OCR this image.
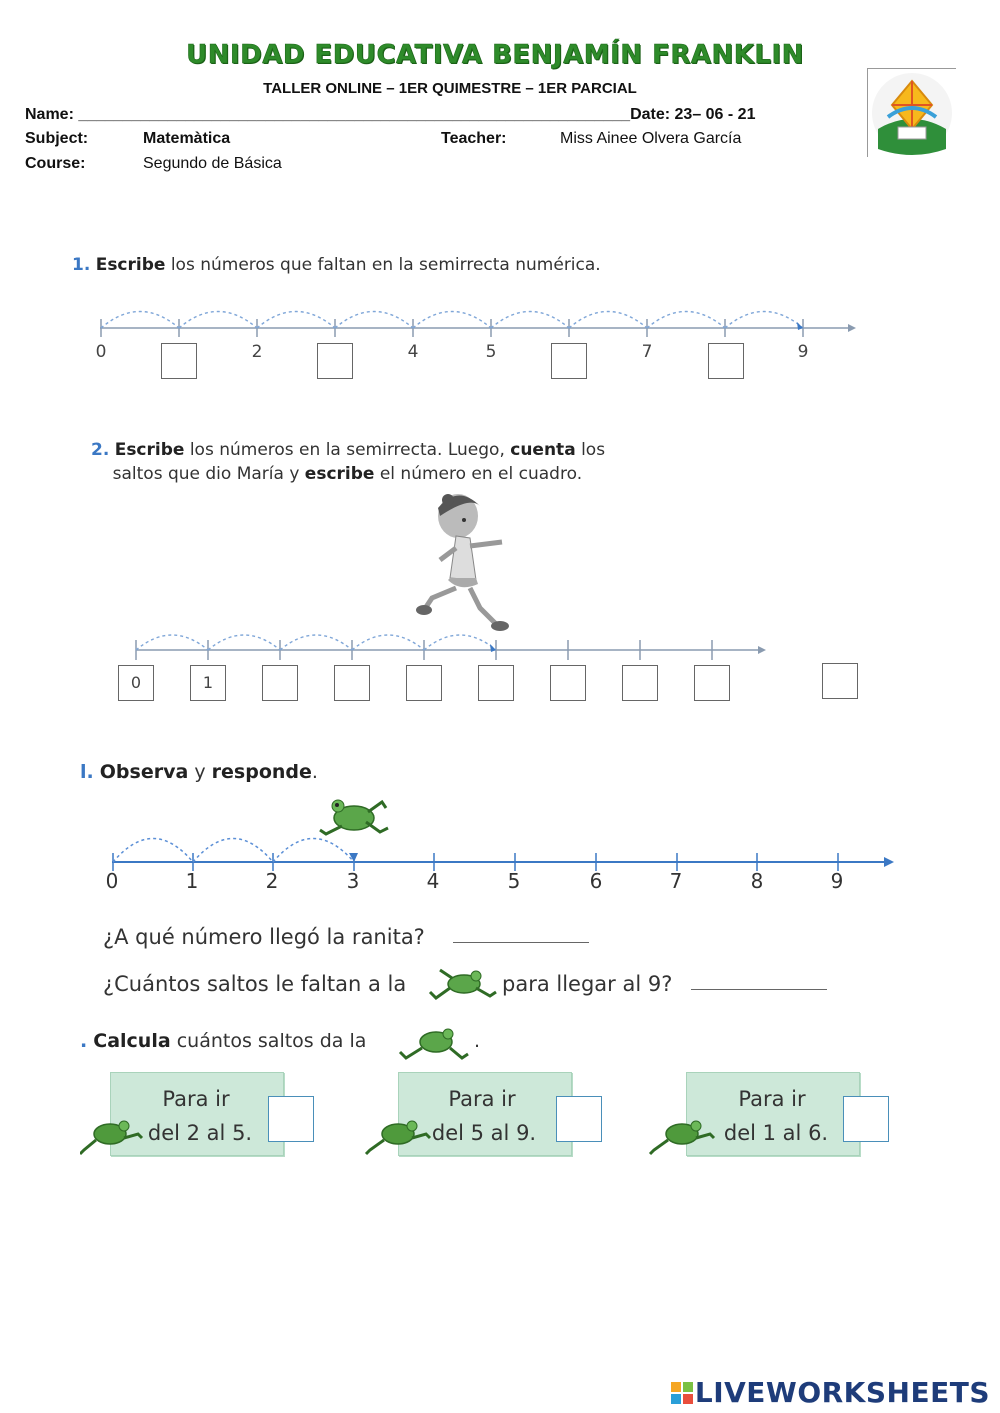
UNIDAD EDUCATIVA BENJAMÍN FRANKLIN
TALLER ONLINE – 1ER QUIMESTRE – 1ER PARCIAL
Name: ______________________________________________________________Date: 23– 06 - 21
Subject:	Matemàtica	Teacher:	Miss Ainee Olvera García
Course:	Segundo de Básica
1. Escribe los números que faltan en la semirrecta numérica.
0	2	4	5	7	9
2. Escribe los números en la semirrecta. Luego, cuenta los
saltos que dio María y escribe el número en el cuadro.
0	1
l. Observa y responde.
0	1	2	3	4	5	6	7	8	9
¿A qué número llegó la ranita?
¿Cuántos saltos le faltan a la	para llegar al 9?
. Calcula cuántos saltos da la	.
Para ir
del 2 al 5.
Para ir
del 5 al 9.
Para ir
del 1 al 6.
LIVEWORKSHEETS
